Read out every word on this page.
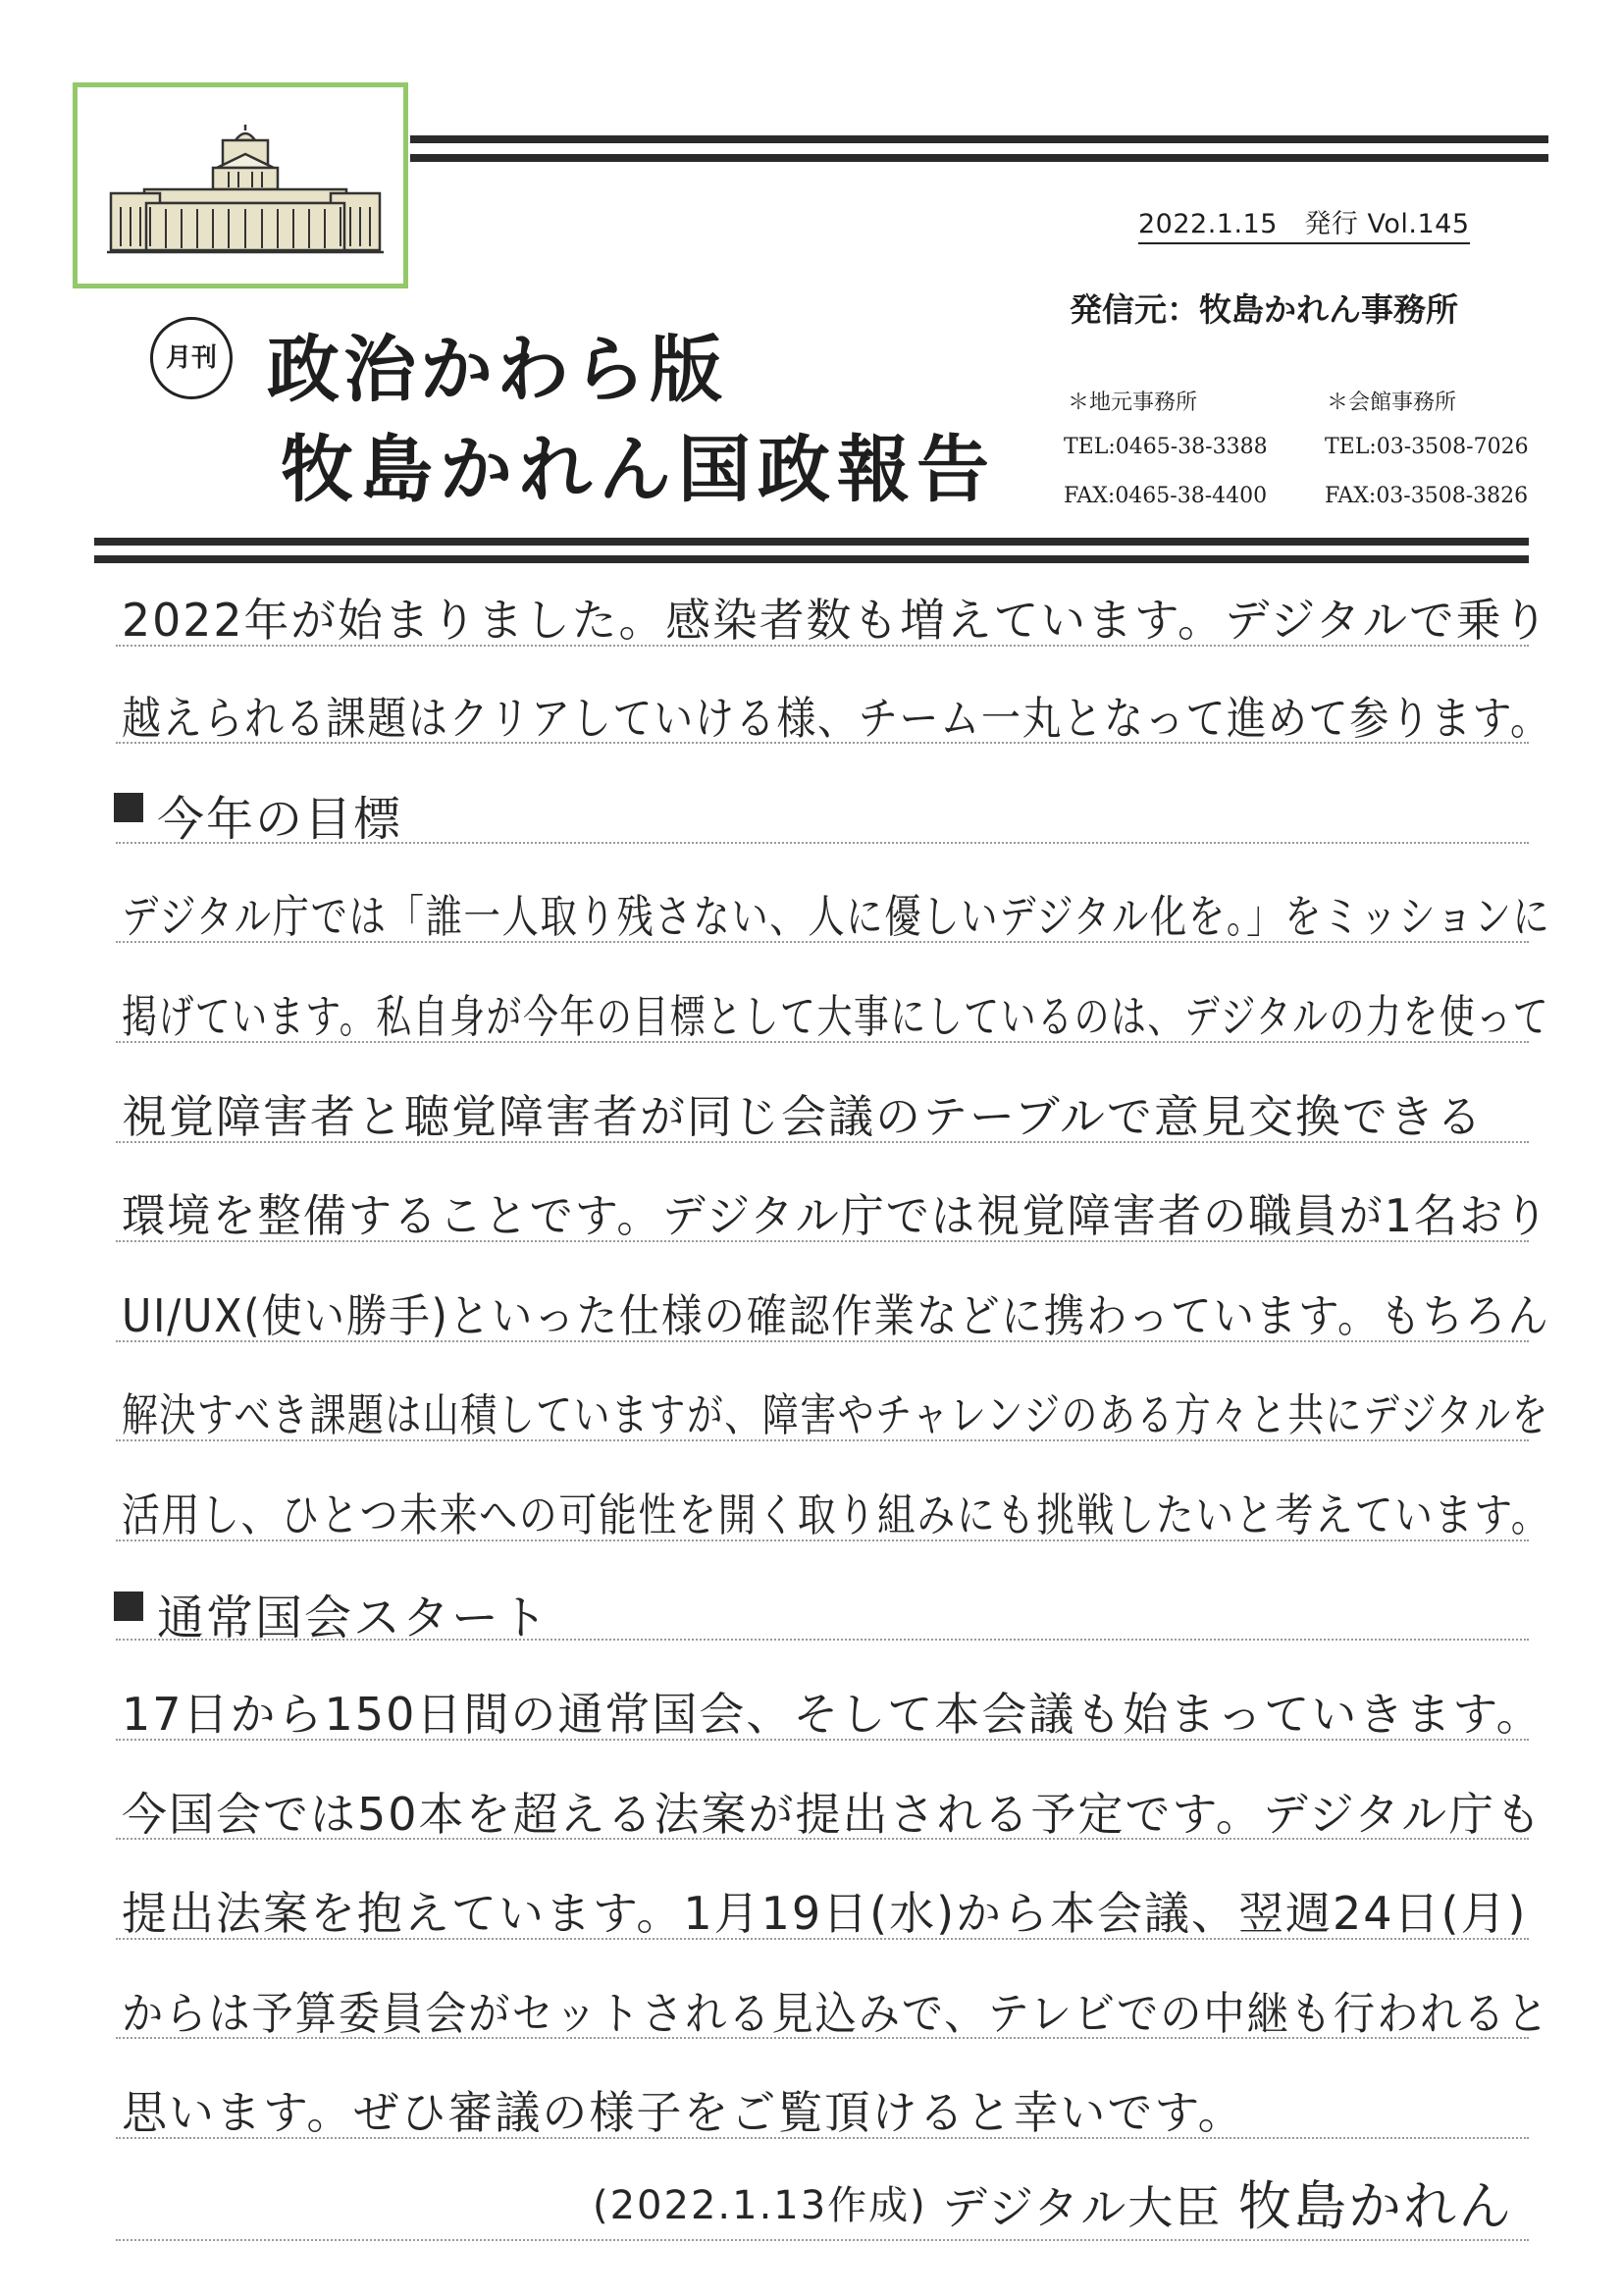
2022.1.15　発行 Vol.145
発信元：牧島かれん事務所
月刊 政治かわら版
牧島かれん国政報告
＊地元事務所
TEL:0465-38-3388
FAX:0465-38-4400
＊会館事務所
TEL:03-3508-7026
FAX:03-3508-3826
2022年が始まりました。感染者数も増えています。デジタルで乗り
越えられる課題はクリアしていける様、チーム一丸となって進めて参ります。
今年の目標
デジタル庁では「誰一人取り残さない、人に優しいデジタル化を。」をミッションに
掲げています。私自身が今年の目標として大事にしているのは、デジタルの力を使って
視覚障害者と聴覚障害者が同じ会議のテーブルで意見交換できる
環境を整備することです。デジタル庁では視覚障害者の職員が1名おり
UI/UX(使い勝手)といった仕様の確認作業などに携わっています。もちろん
解決すべき課題は山積していますが、障害やチャレンジのある方々と共にデジタルを
活用し、ひとつ未来への可能性を開く取り組みにも挑戦したいと考えています。
通常国会スタート
17日から150日間の通常国会、そして本会議も始まっていきます。
今国会では50本を超える法案が提出される予定です。デジタル庁も
提出法案を抱えています。1月19日(水)から本会議、翌週24日(月)
からは予算委員会がセットされる見込みで、テレビでの中継も行われると
思います。ぜひ審議の様子をご覧頂けると幸いです。
(2022.1.13作成) デジタル大臣 牧島かれん
